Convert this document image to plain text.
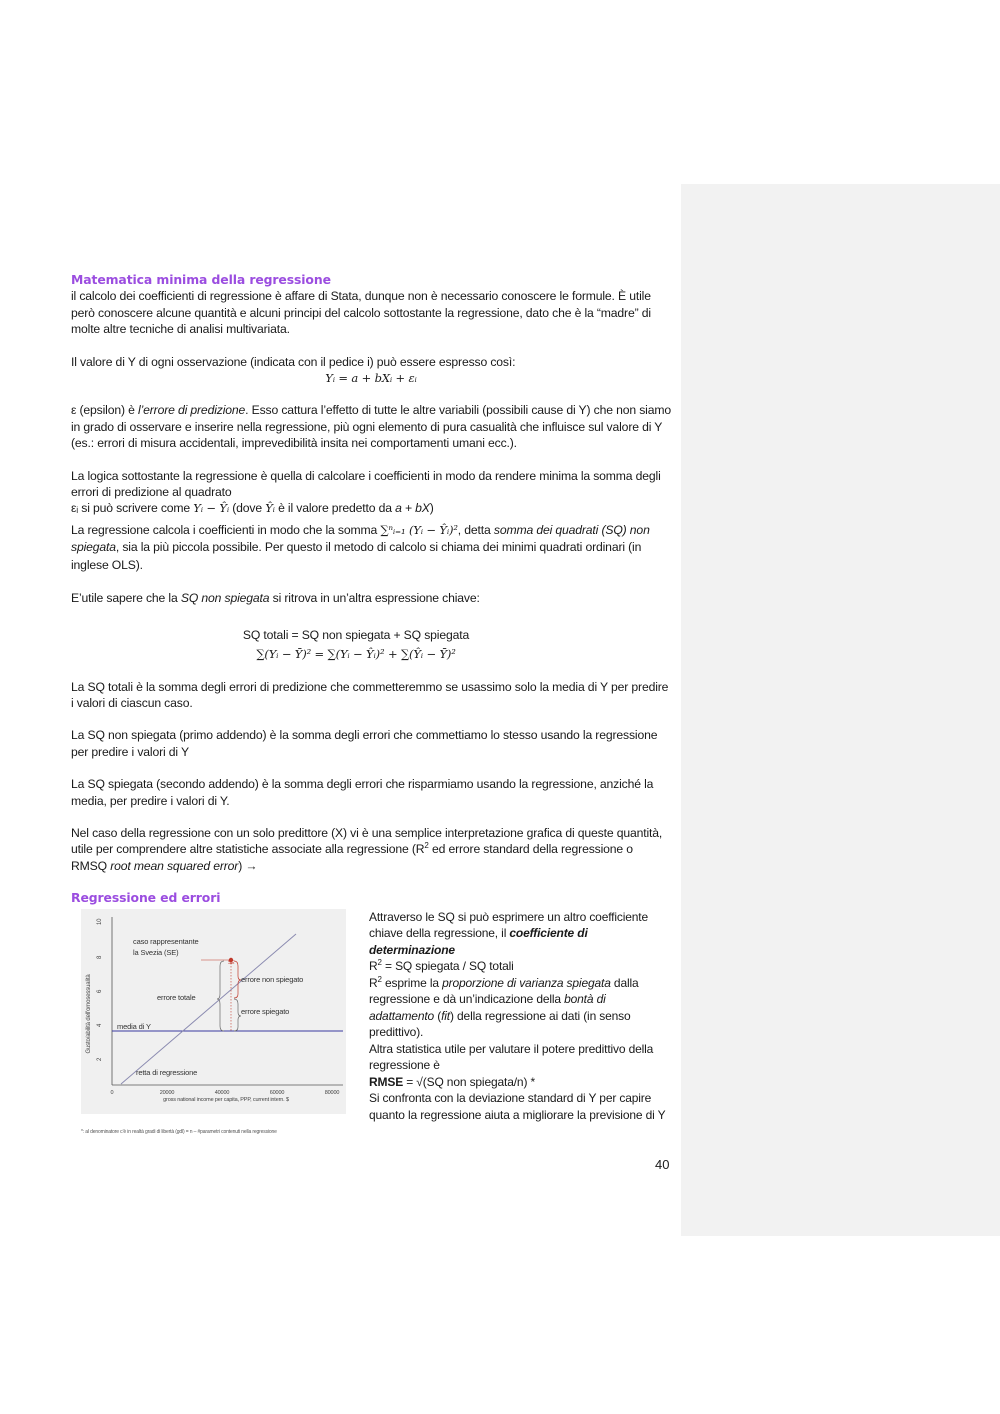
Matematica minima della regressione

il calcolo dei coefficienti di regressione è affare di Stata, dunque non è necessario conoscere le formule. È utile però conoscere alcune quantità e alcuni principi del calcolo sottostante la regressione, dato che è la “madre” di molte altre tecniche di analisi multivariata.

Il valore di Y di ogni osservazione (indicata con il pedice i) può essere espresso così:

Yᵢ = a + bXᵢ + εᵢ

ε (epsilon) è l’errore di predizione. Esso cattura l’effetto di tutte le altre variabili (possibili cause di Y) che non siamo in grado di osservare e inserire nella regressione, più ogni elemento di pura casualità che influisce sul valore di Y (es.: errori di misura accidentali, imprevedibilità insita nei comportamenti umani ecc.).

La logica sottostante la regressione è quella di calcolare i coefficienti in modo da rendere minima la somma degli errori di predizione al quadrato

εᵢ si può scrivere come Yᵢ − Ŷᵢ (dove Ŷᵢ è il valore predetto da a + bX)

La regressione calcola i coefficienti in modo che la somma ∑ⁿᵢ₌₁ (Yᵢ − Ŷᵢ)², detta somma dei quadrati (SQ) non spiegata, sia la più piccola possibile. Per questo il metodo di calcolo si chiama dei minimi quadrati ordinari (in inglese OLS).

E’utile sapere che la SQ non spiegata si ritrova in un’altra espressione chiave:

SQ totali = SQ non spiegata + SQ spiegata

∑(Yᵢ − Ȳ)² = ∑(Yᵢ − Ŷᵢ)² + ∑(Ŷᵢ − Ȳ)²

La SQ totali è la somma degli errori di predizione che commetteremmo se usassimo solo la media di Y per predire i valori di ciascun caso.

La SQ non spiegata (primo addendo) è la somma degli errori che commettiamo lo stesso usando la regressione per predire i valori di Y

La SQ spiegata (secondo addendo) è la somma degli errori che risparmiamo usando la regressione, anziché la media, per predire i valori di Y.

Nel caso della regressione con un solo predittore (X) vi è una semplice interpretazione grafica di queste quantità, utile per comprendere altre statistiche associate alla regressione ($R^2$ ed errore standard della regressione o RMSQ root mean squared error) →

Regressione ed errori

Gusto/abilità dell'omosessualità
10
8
6
4
2
SE
caso rappresentante
la Svezia (SE)
errore totale
errore non spiegato
errore spiegato
media di Y
retta di regressione
0	20000	40000	60000	80000
gross national income per capita, PPP, current intern. $
*: al denominatore c’è in realtà gradi di libertà (gdl) = n – #parametri contenuti nella regressione

Attraverso le SQ si può esprimere un altro coefficiente chiave della regressione, il coefficiente di determinazione

$R^2$ = SQ spiegata / SQ totali

$R^2$ esprime la proporzione di varianza spiegata dalla regressione e dà un’indicazione della bontà di adattamento (fit) della regressione ai dati (in senso predittivo).

Altra statistica utile per valutare il potere predittivo della regressione è

RMSE = √(SQ non spiegata/n) *

Si confronta con la deviazione standard di Y per capire quanto la regressione aiuta a migliorare la previsione di Y

40
